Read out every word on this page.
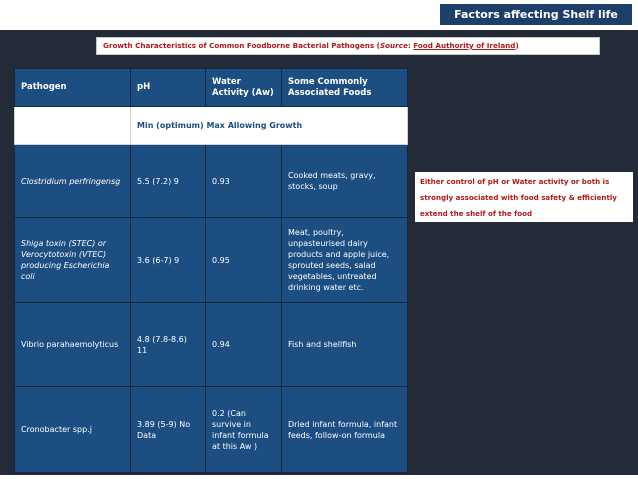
Factors affecting Shelf life
Growth Characteristics of Common Foodborne Bacterial Pathogens (Source: Food Authority of Ireland)
Either control of pH or Water activity or both is strongly associated with food safety & efficiently extend the shelf of the food
Pathogen	pH	Water Activity (Aw)	Some Commonly Associated Foods
	Min (optimum) Max Allowing Growth		
Clostridium perfringensg	5.5 (7.2) 9	0.93	Cooked meats, gravy, stocks, soup
Shiga toxin (STEC) or Verocytotoxin (VTEC) producing Escherichia coli	3.6 (6-7) 9	0.95	Meat, poultry, unpasteurised dairy products and apple juice, sprouted seeds, salad vegetables, untreated drinking water etc.
Vibrio parahaemolyticus	4.8 (7.8-8.6) 11	0.94	Fish and shellfish
Cronobacter spp.j	3.89 (5-9) No Data	0.2 (Can survive in infant formula at this Aw )	Dried infant formula, infant feeds, follow-on formula
